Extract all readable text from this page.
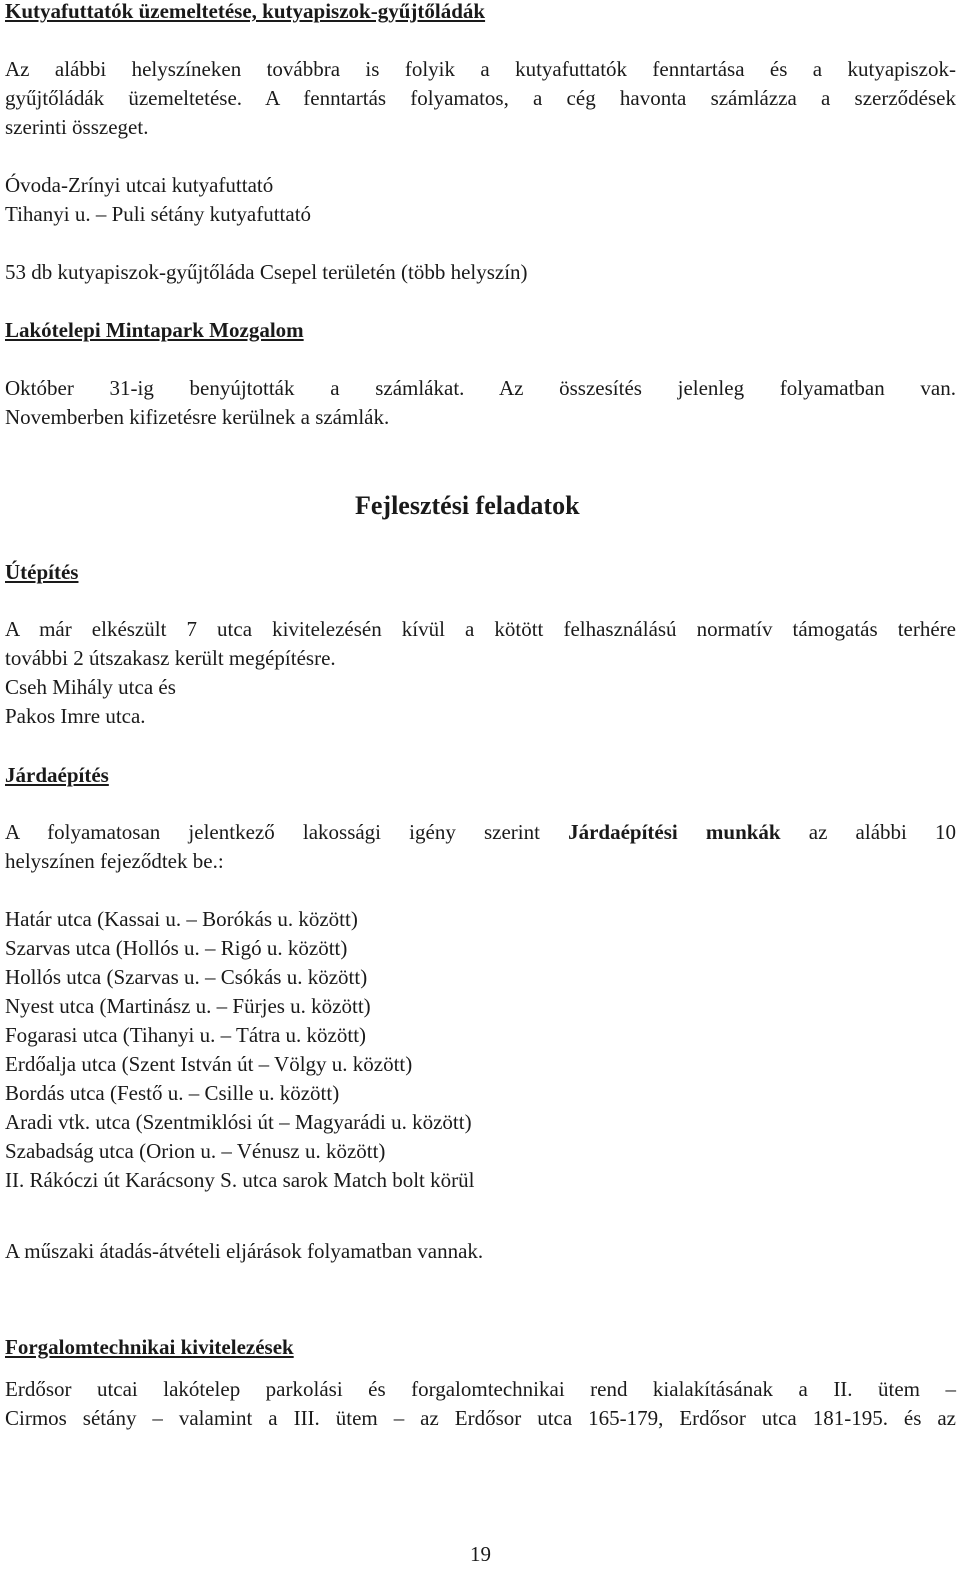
Kutyafuttatók üzemeltetése, kutyapiszok-gyűjtőládák

Az alábbi helyszíneken továbbra is folyik a kutyafuttatók fenntartása és a kutyapiszok-
gyűjtőládák üzemeltetése. A fenntartás folyamatos, a cég havonta számlázza a szerződések
szerinti összeget.

Óvoda-Zrínyi utcai kutyafuttató
Tihanyi u. – Puli sétány kutyafuttató

53 db kutyapiszok-gyűjtőláda Csepel területén (több helyszín)

Lakótelepi Mintapark Mozgalom

Október 31-ig benyújtották a számlákat. Az összesítés jelenleg folyamatban van.
Novemberben kifizetésre kerülnek a számlák.

Fejlesztési feladatok
Útépítés

A már elkészült 7 utca kivitelezésén kívül a kötött felhasználású normatív támogatás terhére
további 2 útszakasz került megépítésre.
Cseh Mihály utca és
Pakos Imre utca.

Járdaépítés

A folyamatosan jelentkező lakossági igény szerint Járdaépítési munkák az alábbi 10
helyszínen fejeződtek be.:

Határ utca (Kassai u. – Borókás u. között)
Szarvas utca (Hollós u. – Rigó u. között)
Hollós utca (Szarvas u. – Csókás u. között)
Nyest utca (Martinász u. – Fürjes u. között)
Fogarasi utca (Tihanyi u. – Tátra u. között)
Erdőalja utca (Szent István út – Völgy u. között)
Bordás utca (Festő u. – Csille u. között)
Aradi vtk. utca (Szentmiklósi út – Magyarádi u. között)
Szabadság utca (Orion u. – Vénusz u. között)
II. Rákóczi út Karácsony S. utca sarok Match bolt körül

A műszaki átadás-átvételi eljárások folyamatban vannak.

Forgalomtechnikai kivitelezések

Erdősor utcai lakótelep parkolási és forgalomtechnikai rend kialakításának a II. ütem –
Cirmos sétány – valamint a III. ütem – az Erdősor utca 165-179, Erdősor utca 181-195. és az

19
